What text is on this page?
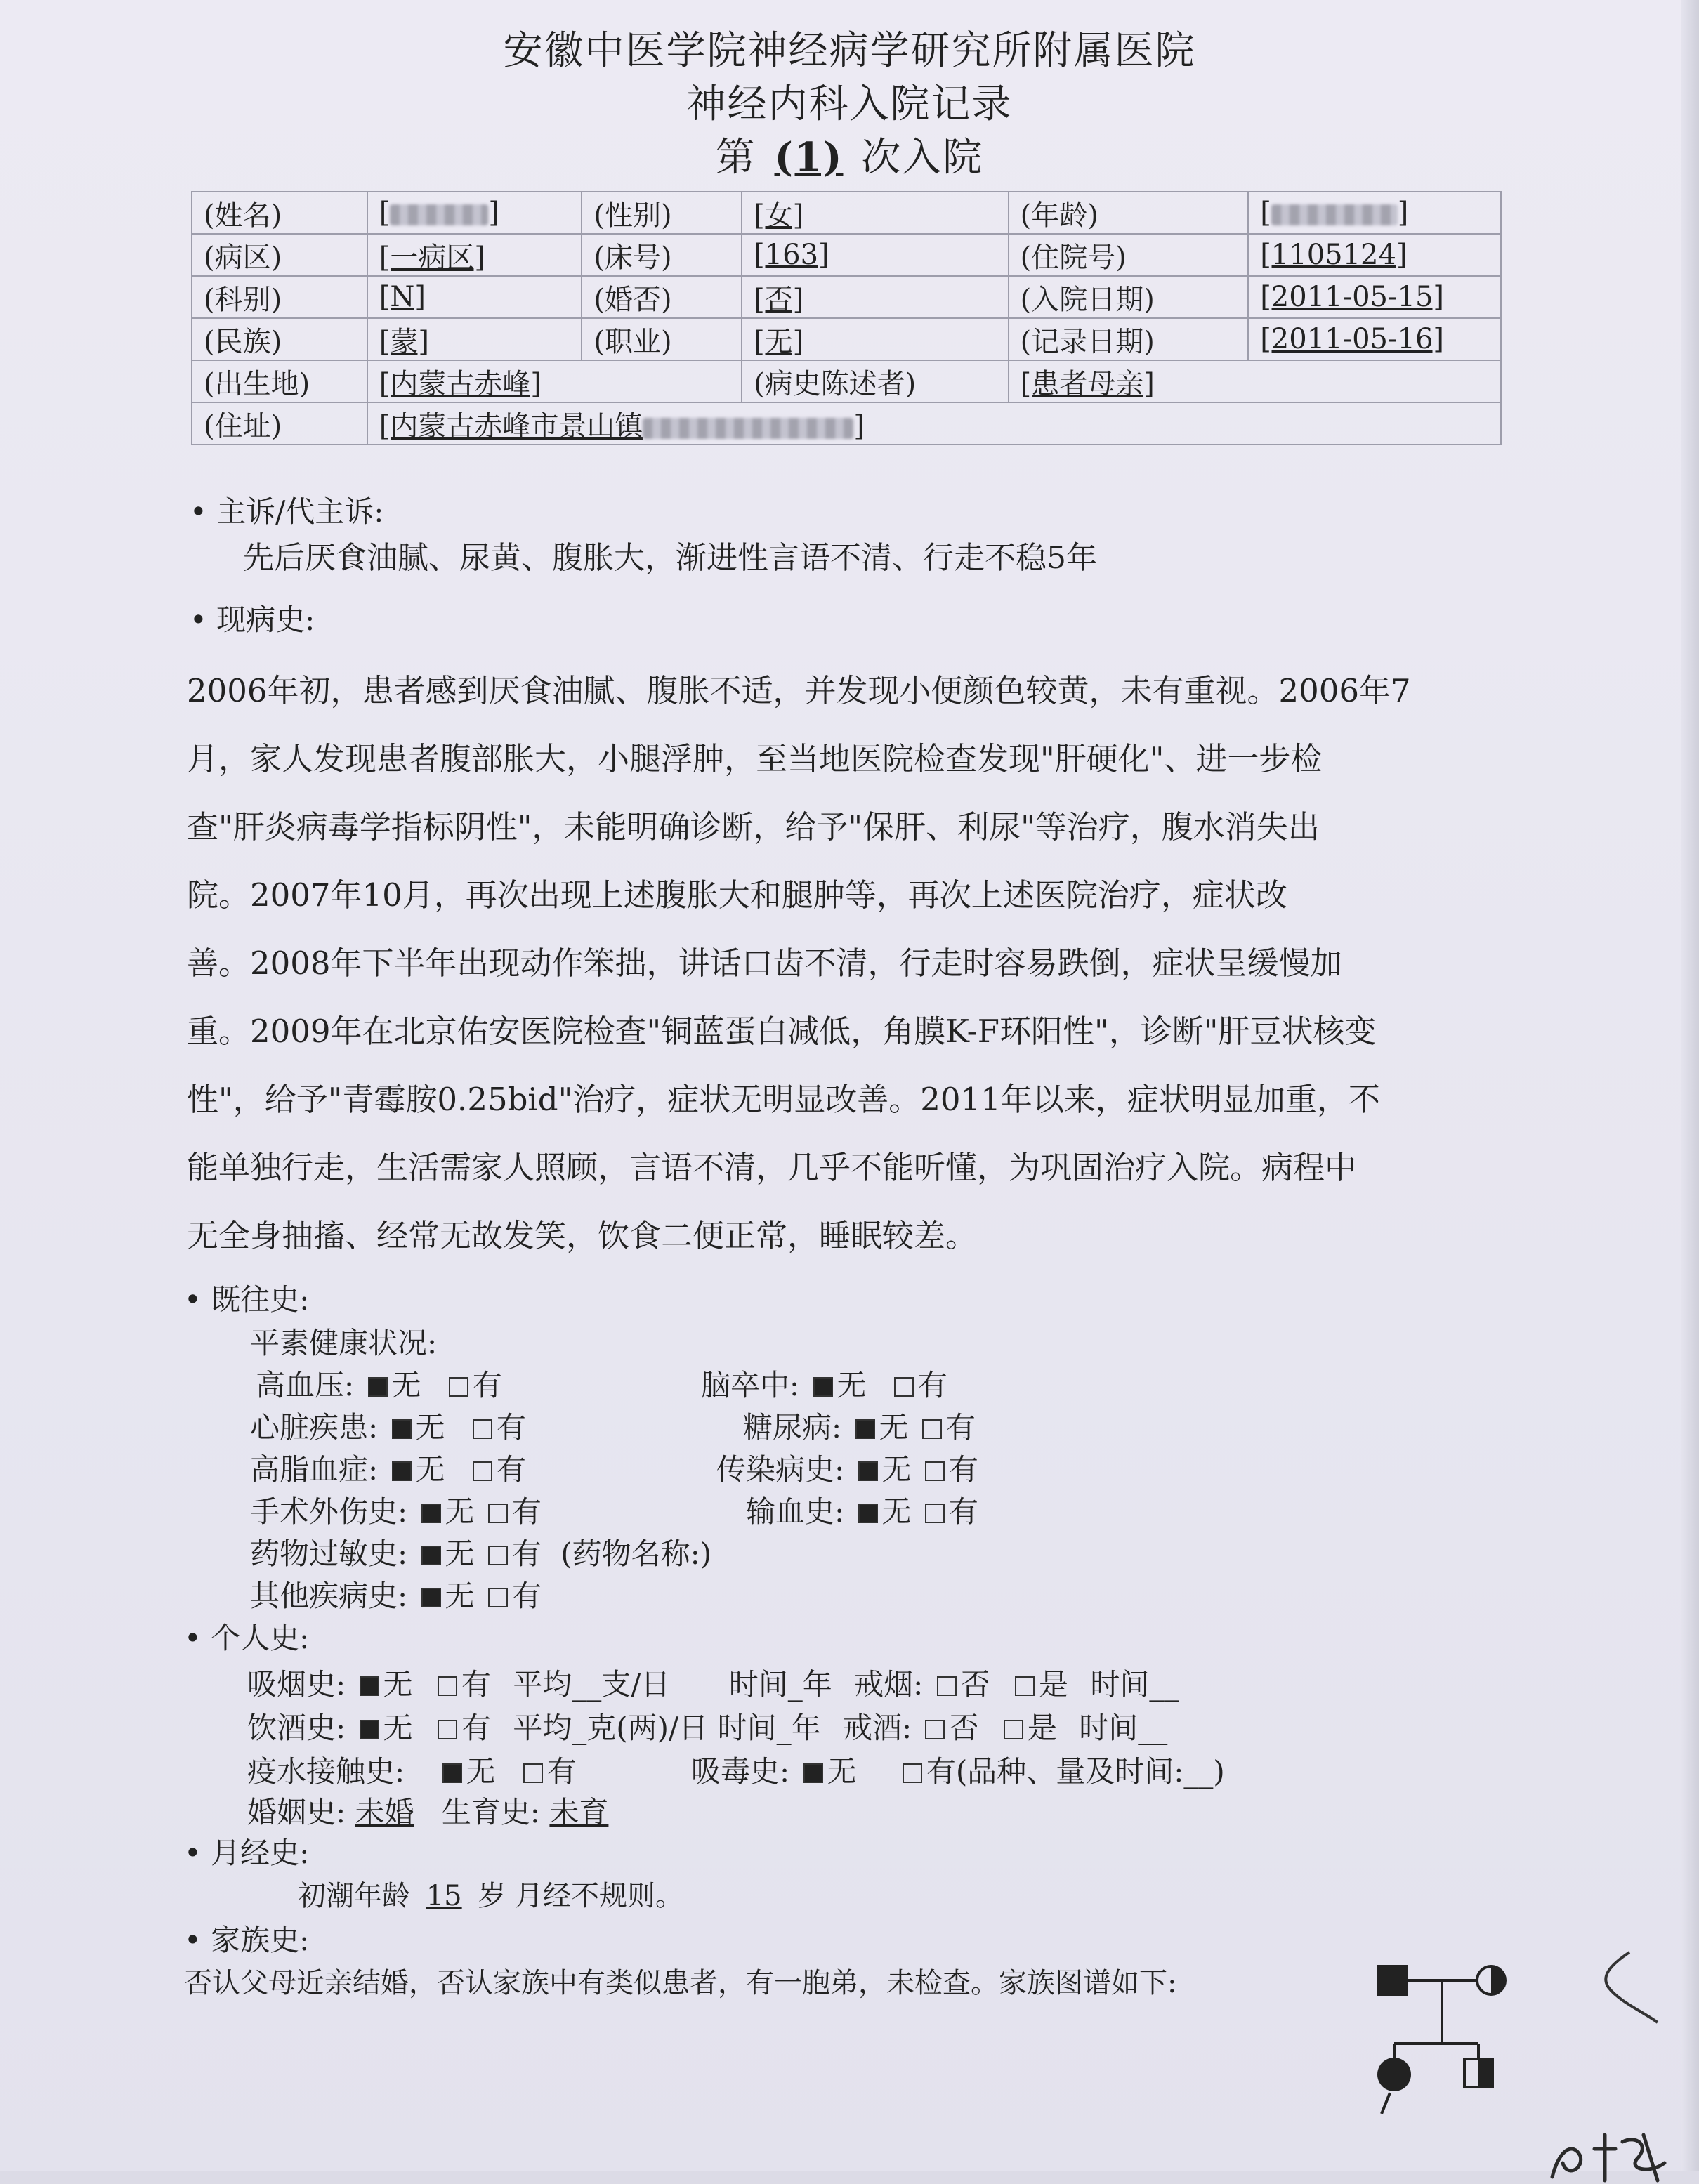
安徽中医学院神经病学研究所附属医院
神经内科入院记录
第 (1) 次入院
(姓名)	[ ]	(性别)	[女]	(年龄)	[ ]
(病区)	[一病区]	(床号)	[163]	(住院号)	[1105124]
(科别)	[N]	(婚否)	[否]	(入院日期)	[2011-05-15]
(民族)	[蒙]	(职业)	[无]	(记录日期)	[2011-05-16]
(出生地)	[内蒙古赤峰]		(病史陈述者)	[患者母亲]	
(住址)	[内蒙古赤峰市景山镇 ]				
• 主诉/代主诉:
先后厌食油腻、尿黄、腹胀大，渐进性言语不清、行走不稳5年
• 现病史:
2006年初，患者感到厌食油腻、腹胀不适，并发现小便颜色较黄，未有重视。2006年7
月，家人发现患者腹部胀大，小腿浮肿，至当地医院检查发现"肝硬化"、进一步检
查"肝炎病毒学指标阴性"，未能明确诊断，给予"保肝、利尿"等治疗，腹水消失出
院。2007年10月，再次出现上述腹胀大和腿肿等，再次上述医院治疗，症状改
善。2008年下半年出现动作笨拙，讲话口齿不清，行走时容易跌倒，症状呈缓慢加
重。2009年在北京佑安医院检查"铜蓝蛋白减低，角膜K-F环阳性"，诊断"肝豆状核变
性"，给予"青霉胺0.25bid"治疗，症状无明显改善。2011年以来，症状明显加重，不
能单独行走，生活需家人照顾，言语不清，几乎不能听懂，为巩固治疗入院。病程中
无全身抽搐、经常无故发笑，饮食二便正常，睡眠较差。
• 既往史:
平素健康状况:
高血压: 无 有	脑卒中: 无 有
心脏疾患: 无 有	糖尿病: 无 有
高脂血症: 无 有	传染病史: 无 有
手术外伤史: 无 有	输血史: 无 有
药物过敏史: 无 有 (药物名称:)
其他疾病史: 无 有
• 个人史:
吸烟史: 无 有 平均__支/日 时间_年 戒烟: 否 是 时间__
饮酒史: 无 有 平均_克(两)/日 时间_年 戒酒: 否 是 时间__
疫水接触史: 无 有	吸毒史: 无 有(品种、量及时间:__)
婚姻史: 未婚 生育史: 未育
• 月经史:
初潮年龄 15 岁 月经不规则。
• 家族史:
否认父母近亲结婚，否认家族中有类似患者，有一胞弟，未检查。家族图谱如下:
